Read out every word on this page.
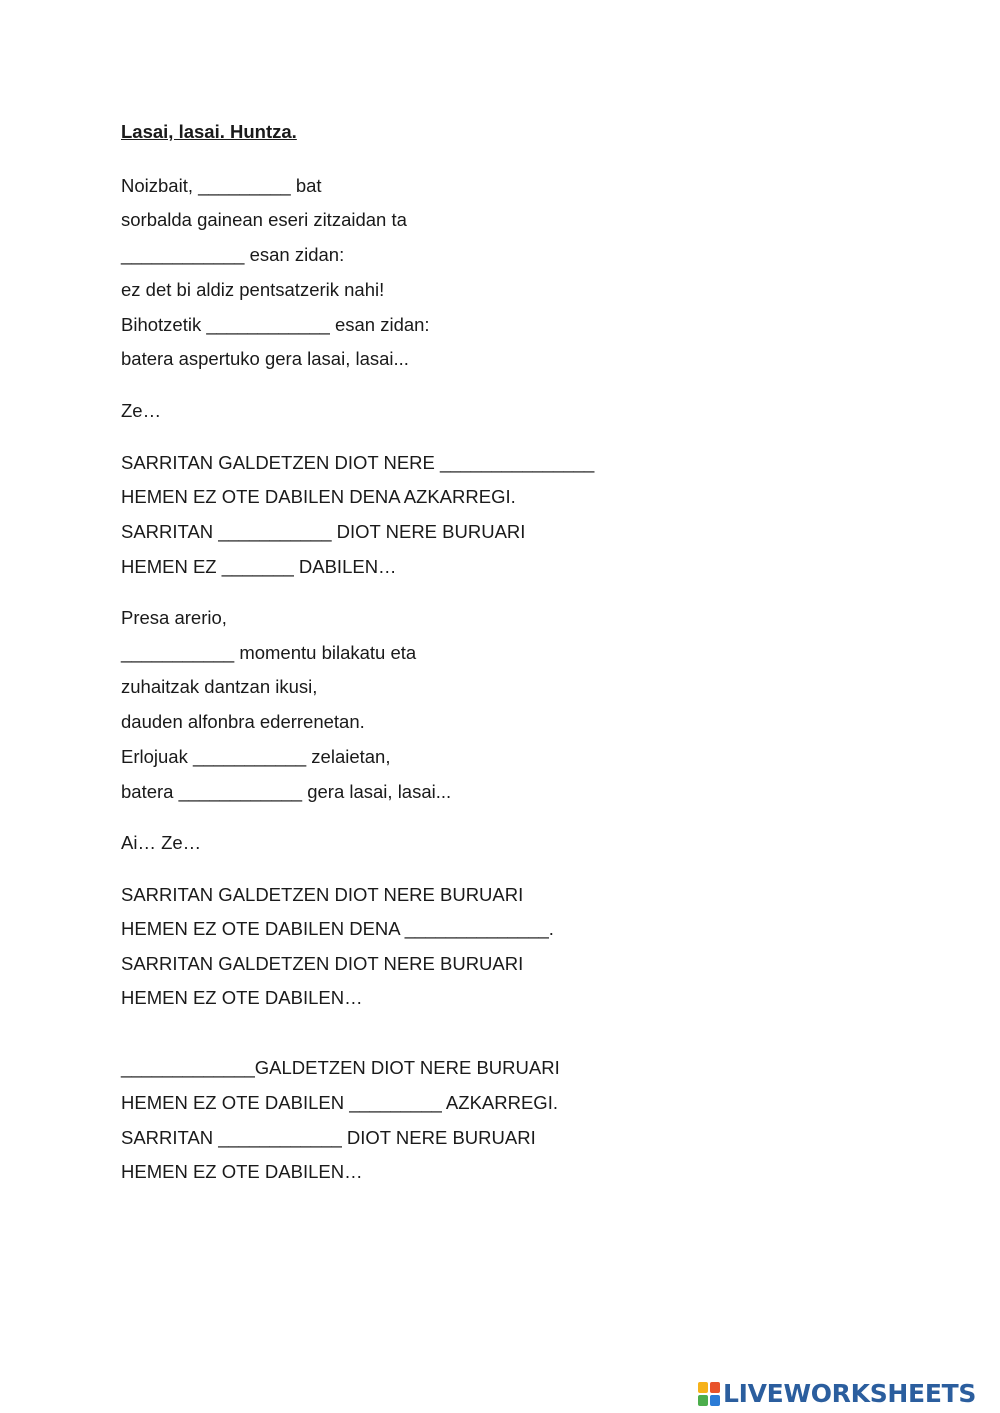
Lasai, lasai. Huntza.
Noizbait, _________ bat
sorbalda gainean eseri zitzaidan ta
____________ esan zidan:
ez det bi aldiz pentsatzerik nahi!
Bihotzetik ____________ esan zidan:
batera aspertuko gera lasai, lasai...
Ze…
SARRITAN GALDETZEN DIOT NERE _______________
HEMEN EZ OTE DABILEN DENA AZKARREGI.
SARRITAN ___________ DIOT NERE BURUARI
HEMEN EZ _______ DABILEN…
Presa arerio,
___________ momentu bilakatu eta
zuhaitzak dantzan ikusi,
dauden alfonbra ederrenetan.
Erlojuak ___________ zelaietan,
batera ____________ gera lasai, lasai...
Ai… Ze…
SARRITAN GALDETZEN DIOT NERE BURUARI
HEMEN EZ OTE DABILEN DENA ______________.
SARRITAN GALDETZEN DIOT NERE BURUARI
HEMEN EZ OTE DABILEN…
_____________GALDETZEN DIOT NERE BURUARI
HEMEN EZ OTE DABILEN _________ AZKARREGI.
SARRITAN ____________ DIOT NERE BURUARI
HEMEN EZ OTE DABILEN…
LIVEWORKSHEETS
